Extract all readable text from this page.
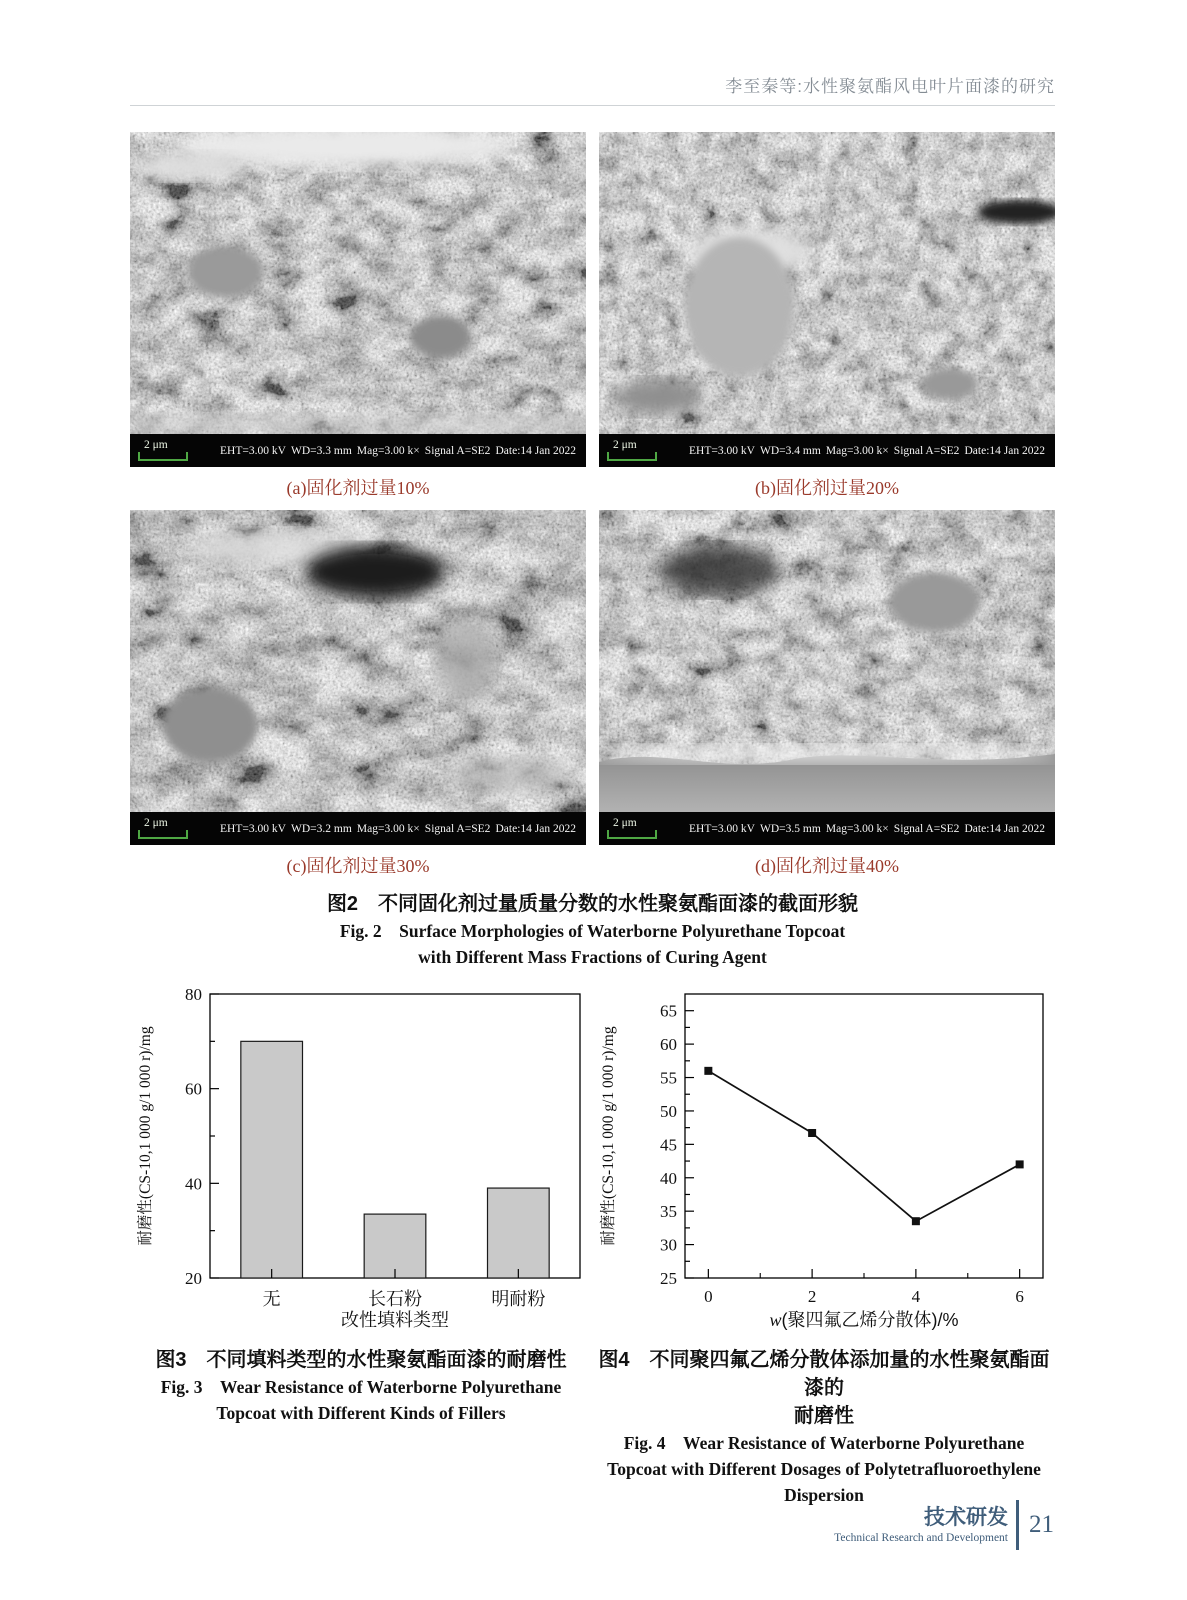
李至秦等:水性聚氨酯风电叶片面漆的研究
2 μm	EHT=3.00 kV WD=3.3 mm Mag=3.00 k× Signal A=SE2 Date:14 Jan 2022
(a)固化剂过量10%
2 μm	EHT=3.00 kV WD=3.4 mm Mag=3.00 k× Signal A=SE2 Date:14 Jan 2022
(b)固化剂过量20%
2 μm	EHT=3.00 kV WD=3.2 mm Mag=3.00 k× Signal A=SE2 Date:14 Jan 2022
(c)固化剂过量30%
2 μm	EHT=3.00 kV WD=3.5 mm Mag=3.00 k× Signal A=SE2 Date:14 Jan 2022
(d)固化剂过量40%
图2　不同固化剂过量质量分数的水性聚氨酯面漆的截面形貌
Fig. 2　Surface Morphologies of Waterborne Polyurethane Topcoat
with Different Mass Fractions of Curing Agent
20
40
60
80
无	长石粉	明耐粉
改性填料类型
耐磨性(CS-10,1 000 g/1 000 r)/mg
图3　不同填料类型的水性聚氨酯面漆的耐磨性
Fig. 3　Wear Resistance of Waterborne Polyurethane
Topcoat with Different Kinds of Fillers
25
30
35
40
45
50
55
60
65
0	2	4	6
w(聚四氟乙烯分散体)/%
耐磨性(CS-10,1 000 g/1 000 r)/mg
图4　不同聚四氟乙烯分散体添加量的水性聚氨酯面漆的
耐磨性
Fig. 4　Wear Resistance of Waterborne Polyurethane
Topcoat with Different Dosages of Polytetrafluoroethylene
Dispersion
技术研发
Technical Research and Development 21
